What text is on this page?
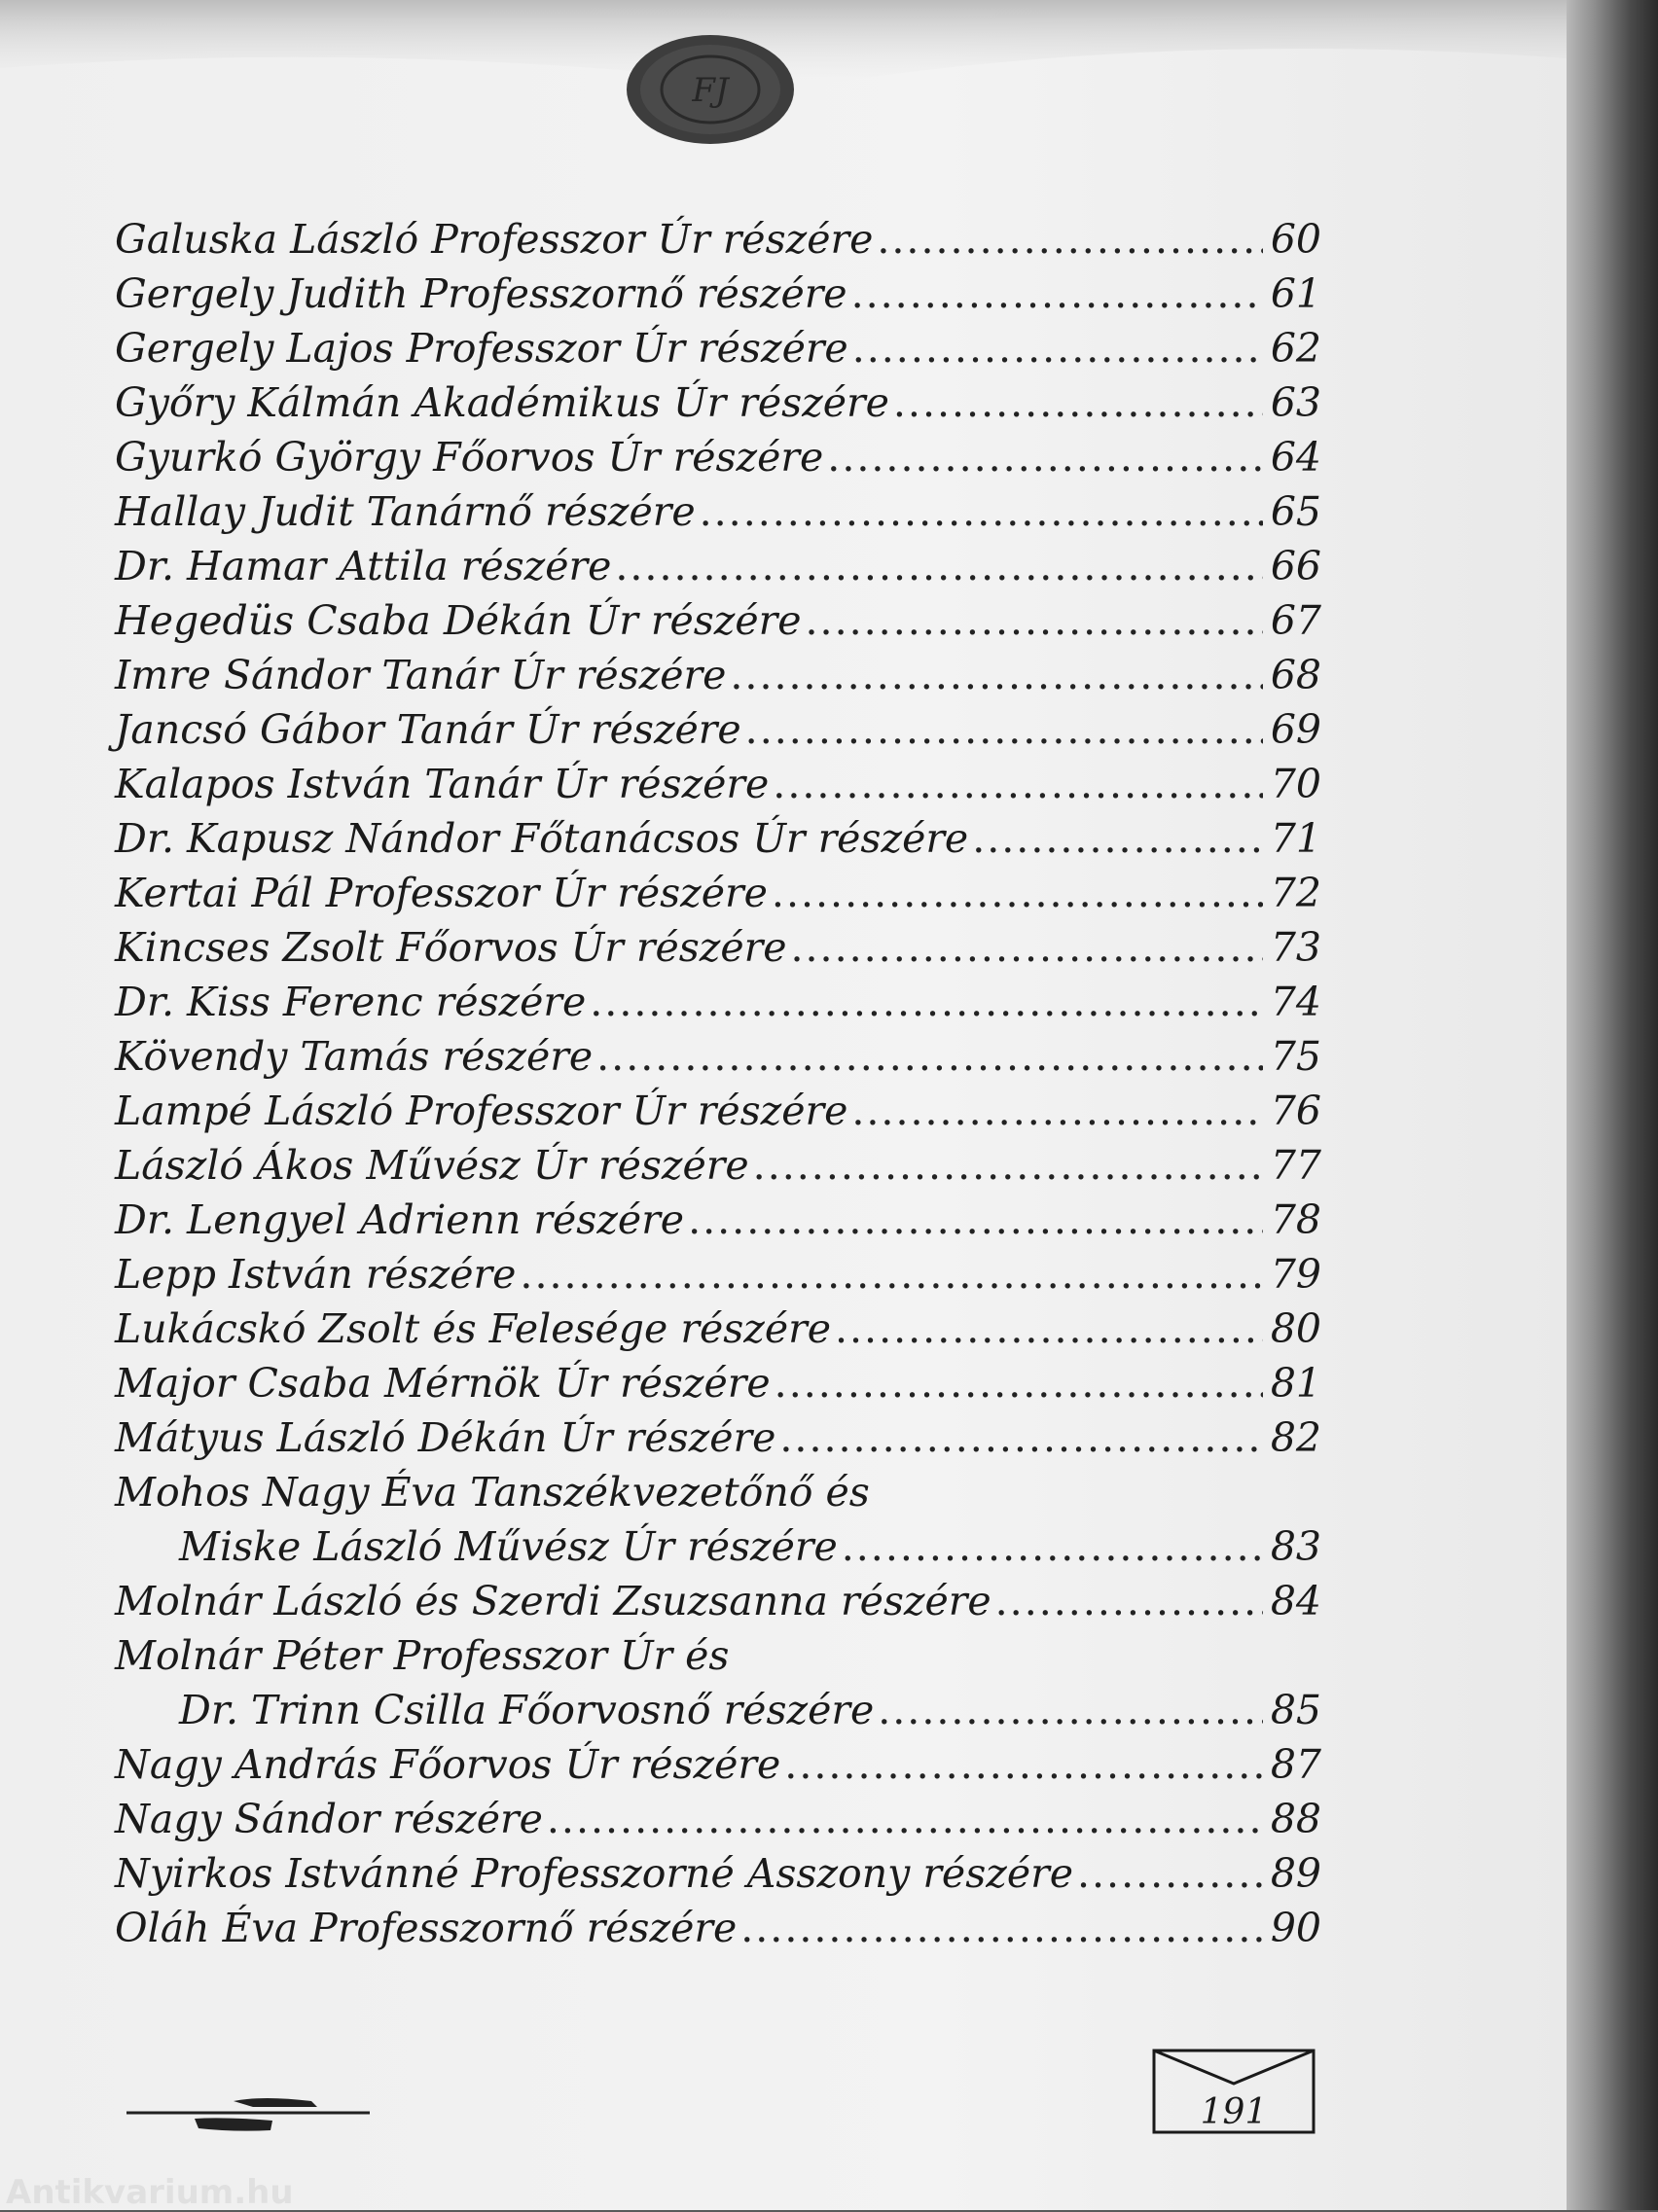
FJ
Galuska László Professzor Úr részére .....	60
Gergely Judith Professzornő részére .....	61
Gergely Lajos Professzor Úr részére .....	62
Győry Kálmán Akadémikus Úr részére .....	63
Gyurkó György Főorvos Úr részére .....	64
Hallay Judit Tanárnő részére .....	65
Dr. Hamar Attila részére .....	66
Hegedüs Csaba Dékán Úr részére .....	67
Imre Sándor Tanár Úr részére .....	68
Jancsó Gábor Tanár Úr részére .....	69
Kalapos István Tanár Úr részére .....	70
Dr. Kapusz Nándor Főtanácsos Úr részére .....	71
Kertai Pál Professzor Úr részére .....	72
Kincses Zsolt Főorvos Úr részére .....	73
Dr. Kiss Ferenc részére .....	74
Kövendy Tamás részére .....	75
Lampé László Professzor Úr részére .....	76
László Ákos Művész Úr részére .....	77
Dr. Lengyel Adrienn részére .....	78
Lepp István részére .....	79
Lukácskó Zsolt és Felesége részére .....	80
Major Csaba Mérnök Úr részére .....	81
Mátyus László Dékán Úr részére .....	82
Mohos Nagy Éva Tanszékvezetőnő és
Miske László Művész Úr részére .....	83
Molnár László és Szerdi Zsuzsanna részére .....	84
Molnár Péter Professzor Úr és
Dr. Trinn Csilla Főorvosnő részére .....	85
Nagy András Főorvos Úr részére .....	87
Nagy Sándor részére .....	88
Nyirkos Istvánné Professzorné Asszony részére .....	89
Oláh Éva Professzornő részére .....	90
191
Antikvarium.hu
